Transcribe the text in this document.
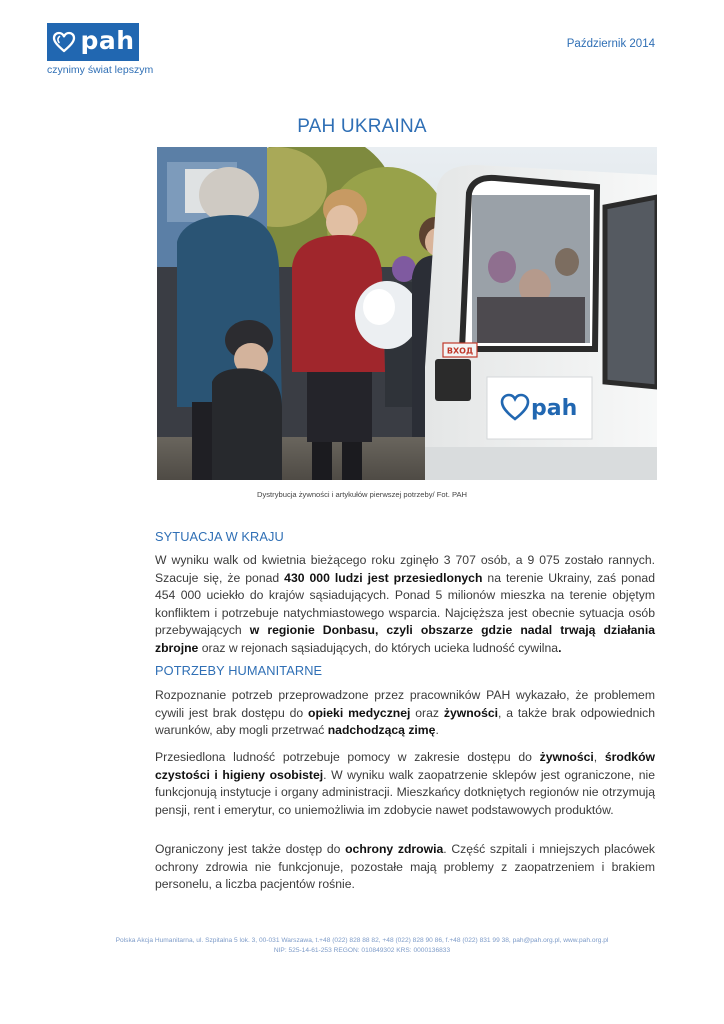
pah
czynimy świat lepszym
Październik 2014
PAH UKRAINA
ВХОД
pah
Dystrybucja żywności i artykułów pierwszej potrzeby/ Fot. PAH
SYTUACJA W KRAJU
W wyniku walk od kwietnia bieżącego roku zginęło 3 707 osób, a 9 075 zostało rannych. Szacuje się, że ponad 430 000 ludzi jest przesiedlonych na terenie Ukrainy, zaś ponad 454 000 uciekło do krajów sąsiadujących. Ponad 5 milionów mieszka na terenie objętym konfliktem i potrzebuje natychmiastowego wsparcia. Najcięższa jest obecnie sytuacja osób przebywających w regionie Donbasu, czyli obszarze gdzie nadal trwają działania zbrojne oraz w rejonach sąsiadujących, do których ucieka ludność cywilna.
POTRZEBY HUMANITARNE
Rozpoznanie potrzeb przeprowadzone przez pracowników PAH wykazało, że problemem cywili jest brak dostępu do opieki medycznej oraz żywności, a także brak odpowiednich warunków, aby mogli przetrwać nadchodzącą zimę.
Przesiedlona ludność potrzebuje pomocy w zakresie dostępu do żywności, środków czystości i higieny osobistej. W wyniku walk zaopatrzenie sklepów jest ograniczone, nie funkcjonują instytucje i organy administracji. Mieszkańcy dotkniętych regionów nie otrzymują pensji, rent i emerytur, co uniemożliwia im zdobycie nawet podstawowych produktów.
Ograniczony jest także dostęp do ochrony zdrowia. Część szpitali i mniejszych placówek ochrony zdrowia nie funkcjonuje, pozostałe mają problemy z zaopatrzeniem i brakiem personelu, a liczba pacjentów rośnie.
Polska Akcja Humanitarna, ul. Szpitalna 5 lok. 3, 00-031 Warszawa, t.+48 (022) 828 88 82, +48 (022) 828 90 86, f.+48 (022) 831 99 38, pah@pah.org.pl, www.pah.org.pl
NIP: 525-14-61-253 REGON: 010849302 KRS: 0000136833
